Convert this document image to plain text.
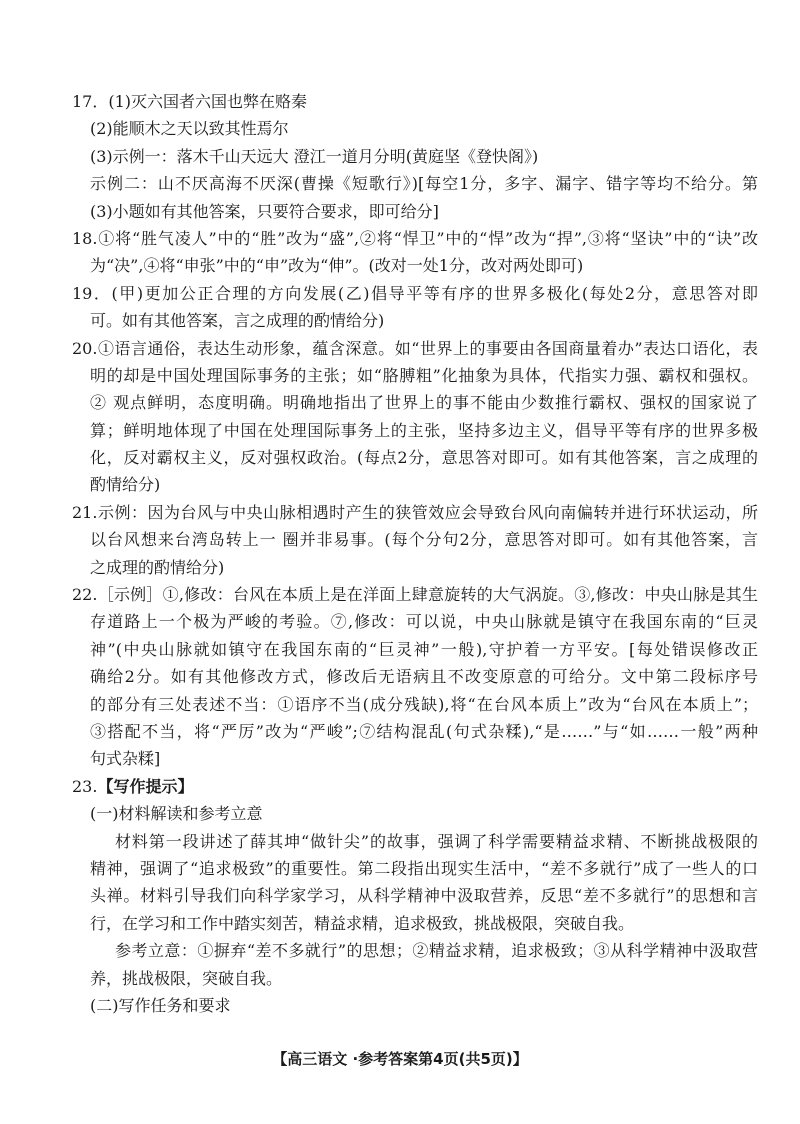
17．(1)灭六国者六国也弊在赂秦
(2)能顺木之天以致其性焉尔
(3)示例一：落木千山天远大 澄江一道月分明(黄庭坚《登快阁》)
示例二：山不厌高海不厌深(曹操《短歌行》)[每空1分，多字、漏字、错字等均不给分。第
(3)小题如有其他答案，只要符合要求，即可给分]
18.①将“胜气凌人”中的“胜”改为“盛”,②将“悍卫”中的“悍”改为“捍”,③将“坚诀”中的“诀”改
为“决”,④将“申张”中的“申”改为“伸”。(改对一处1分，改对两处即可)
19．(甲)更加公正合理的方向发展(乙)倡导平等有序的世界多极化(每处2分，意思答对即
可。如有其他答案，言之成理的酌情给分)
20.①语言通俗，表达生动形象，蕴含深意。如“世界上的事要由各国商量着办”表达口语化，表
明的却是中国处理国际事务的主张；如“胳膊粗”化抽象为具体，代指实力强、霸权和强权。
② 观点鲜明，态度明确。明确地指出了世界上的事不能由少数推行霸权、强权的国家说了
算；鲜明地体现了中国在处理国际事务上的主张，坚持多边主义，倡导平等有序的世界多极
化，反对霸权主义，反对强权政治。(每点2分，意思答对即可。如有其他答案，言之成理的
酌情给分)
21.示例：因为台风与中央山脉相遇时产生的狭管效应会导致台风向南偏转并进行环状运动，所
以台风想来台湾岛转上一 圈并非易事。(每个分句2分，意思答对即可。如有其他答案，言
之成理的酌情给分)
22.［示例］①,修改：台风在本质上是在洋面上肆意旋转的大气涡旋。③,修改：中央山脉是其生
存道路上一个极为严峻的考验。⑦,修改：可以说，中央山脉就是镇守在我国东南的“巨灵
神”(中央山脉就如镇守在我国东南的“巨灵神”一般),守护着一方平安。[每处错误修改正
确给2分。如有其他修改方式，修改后无语病且不改变原意的可给分。文中第二段标序号
的部分有三处表述不当：①语序不当(成分残缺),将“在台风本质上”改为“台风在本质上”；
③搭配不当，将“严厉”改为“严峻”;⑦结构混乱(句式杂糅),“是……”与“如……一般”两种
句式杂糅]
23.【写作提示】
(一)材料解读和参考立意
材料第一段讲述了薛其坤“做针尖”的故事，强调了科学需要精益求精、不断挑战极限的
精神，强调了“追求极致”的重要性。第二段指出现实生活中，“差不多就行”成了一些人的口
头禅。材料引导我们向科学家学习，从科学精神中汲取营养，反思“差不多就行”的思想和言
行，在学习和工作中踏实刻苦，精益求精，追求极致，挑战极限，突破自我。
参考立意：①摒弃“差不多就行”的思想；②精益求精，追求极致；③从科学精神中汲取营
养，挑战极限，突破自我。
(二)写作任务和要求
【高三语文 ·参考答案第4页(共5页)】
